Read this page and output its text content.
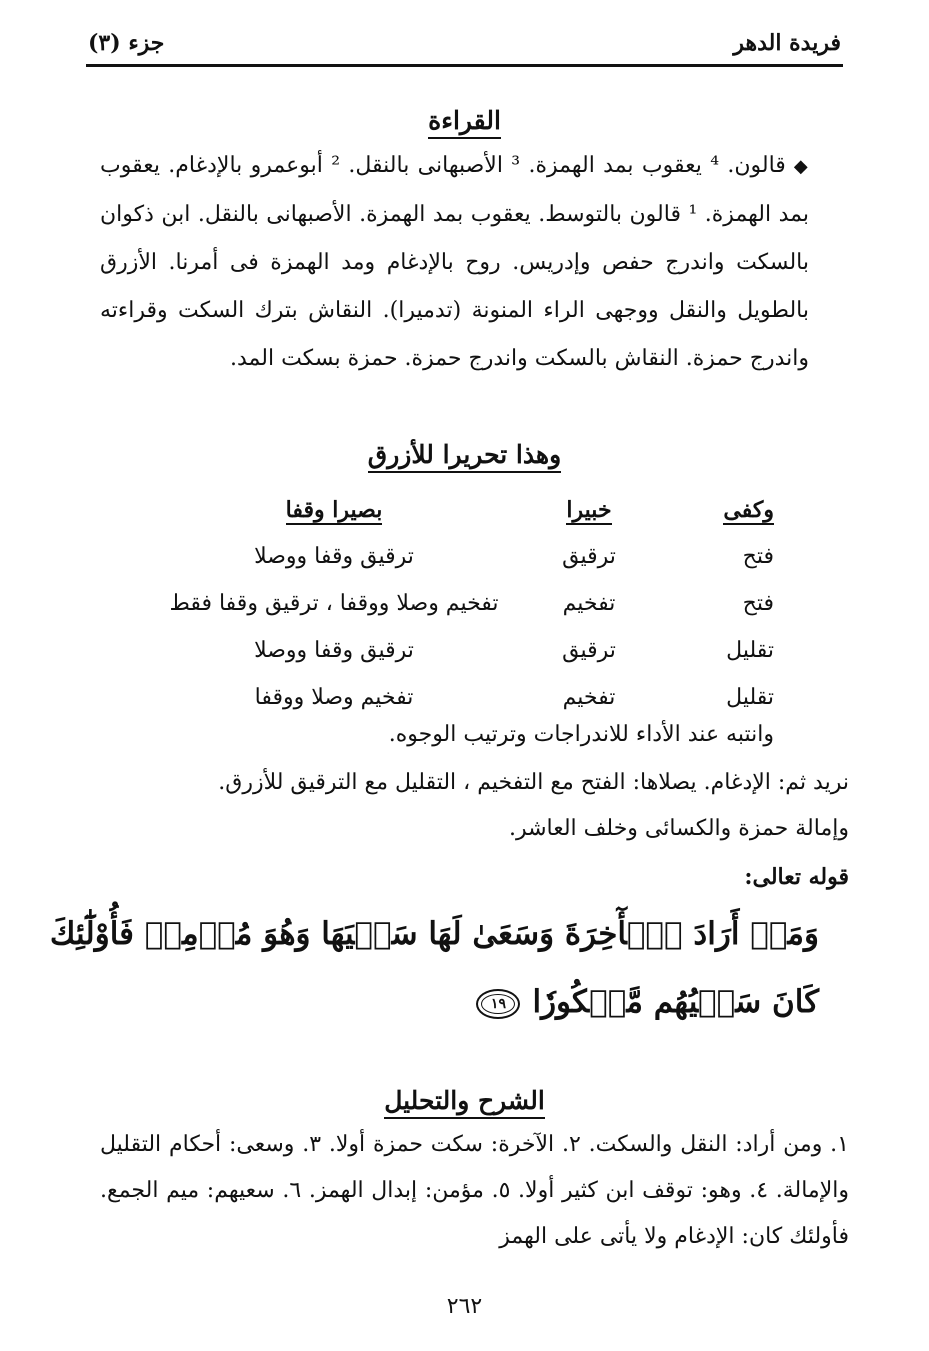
فريدة الدهر
جزء (٣)
القراءة
◆قالون. ⁴ يعقوب بمد الهمزة. ³ الأصبهانى بالنقل. ² أبوعمرو بالإدغام. يعقوب بمد الهمزة. ¹ قالون بالتوسط. يعقوب بمد الهمزة. الأصبهانى بالنقل. ابن ذكوان بالسكت واندرج حفص وإدريس. روح بالإدغام ومد الهمزة فى أمرنا. الأزرق بالطويل والنقل ووجهى الراء المنونة (تدميرا). النقاش بترك السكت وقراءته واندرج حمزة. النقاش بالسكت واندرج حمزة. حمزة بسكت المد.
وهذا تحريرا للأزرق
وكفى	خبيرا	بصيرا وقفا
فتح	ترقيق	ترقيق وقفا ووصلا
فتح	تفخيم	تفخيم وصلا ووقفا ، ترقيق وقفا فقط
تقليل	ترقيق	ترقيق وقفا ووصلا
تقليل	تفخيم	تفخيم وصلا ووقفا
وانتبه عند الأداء للاندراجات وترتيب الوجوه.
نريد ثم: الإدغام. يصلاها: الفتح مع التفخيم ، التقليل مع الترقيق للأزرق.
وإمالة حمزة والكسائى وخلف العاشر.
قوله تعالى:
وَمَنۡ أَرَادَ ٱلۡأٓخِرَةَ وَسَعَىٰ لَهَا سَعۡيَهَا وَهُوَ مُؤۡمِنٞ فَأُوْلَٰٓئِكَ
كَانَ سَعۡيُهُم مَّشۡكُورٗا١٩
الشرح والتحليل
١. ومن أراد: النقل والسكت. ٢. الآخرة: سكت حمزة أولا. ٣. وسعى: أحكام التقليل والإمالة. ٤. وهو: توقف ابن كثير أولا. ٥. مؤمن: إبدال الهمز. ٦. سعيهم: ميم الجمع. فأولئك كان: الإدغام ولا يأتى على الهمز
٢٦٢
